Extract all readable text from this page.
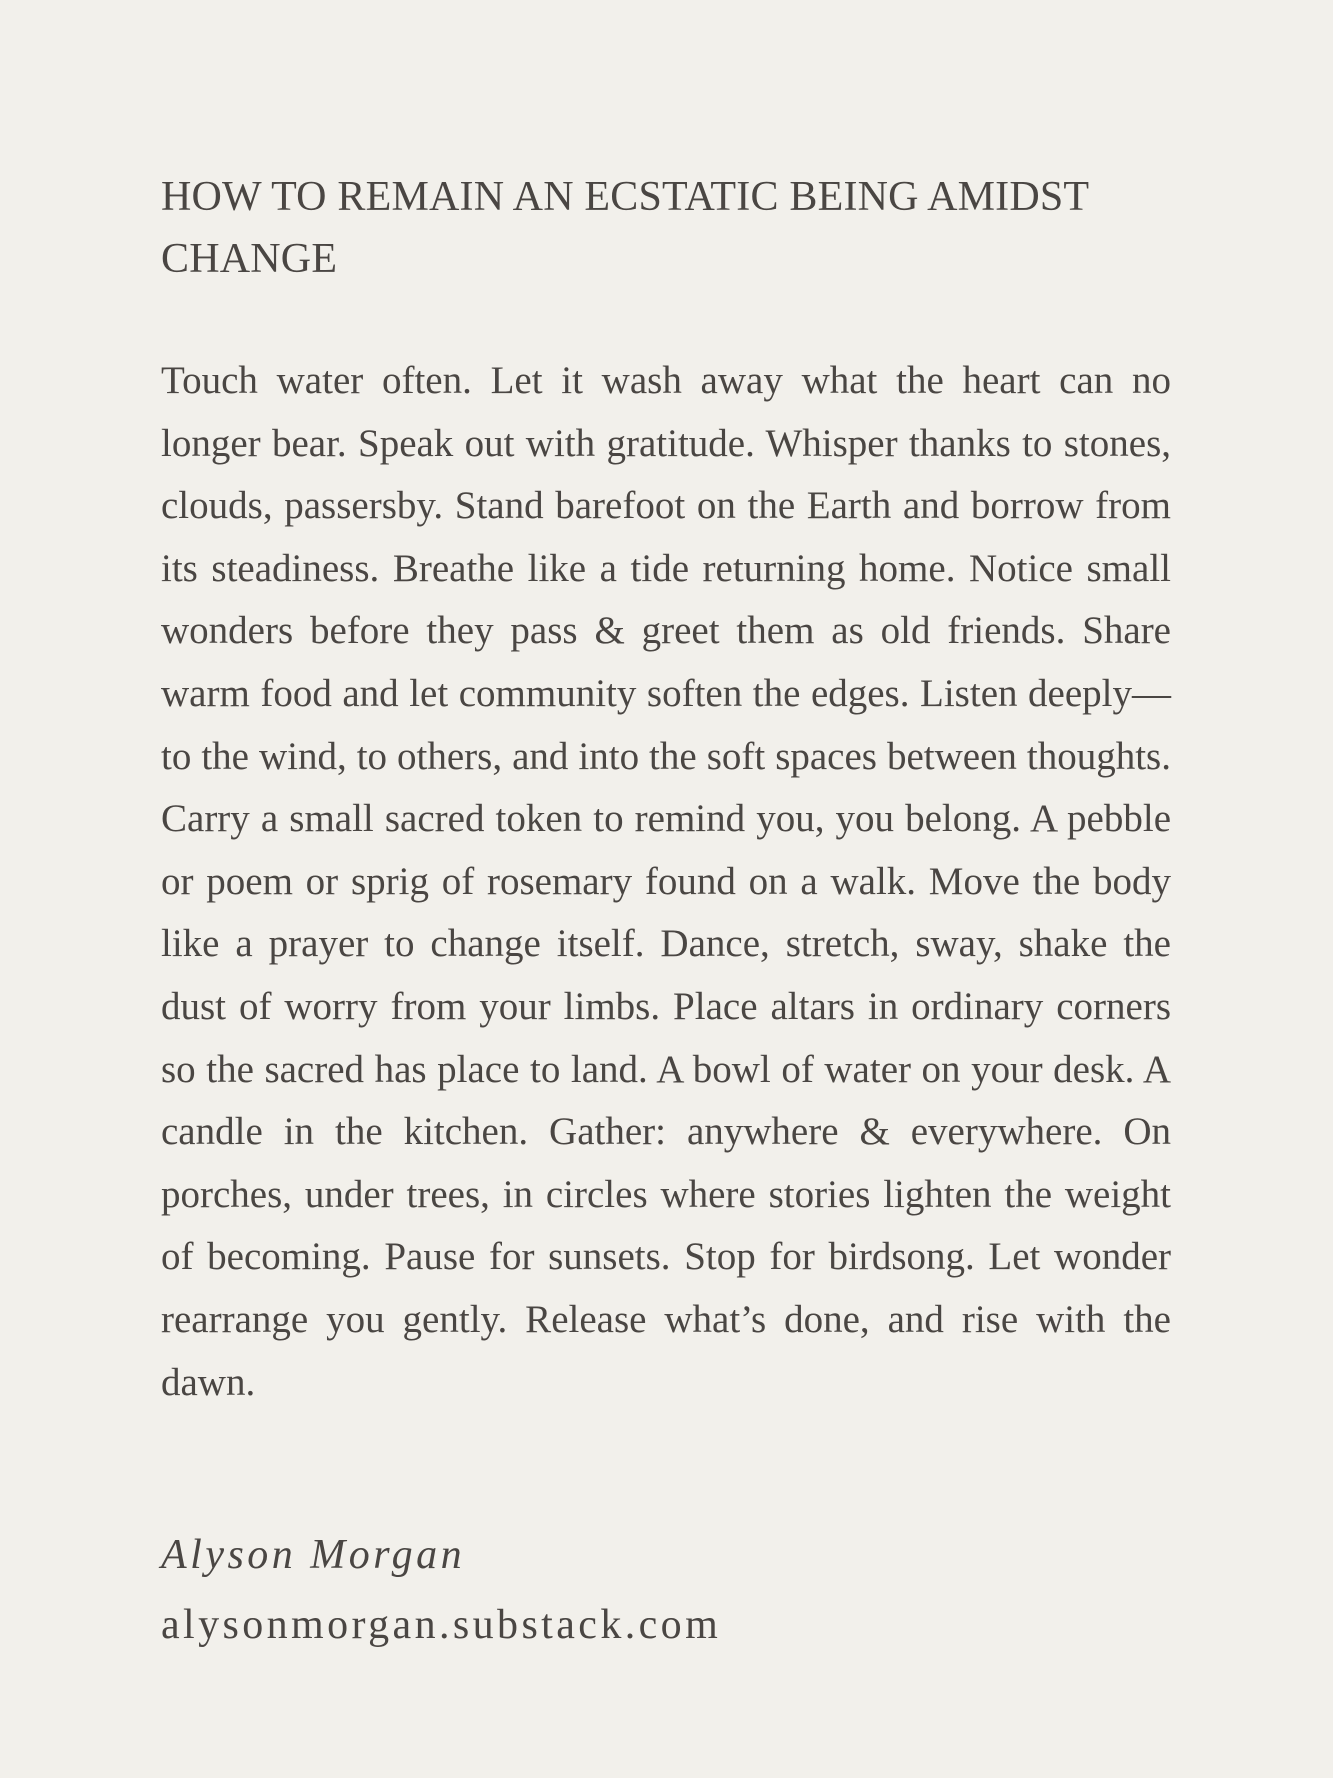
HOW TO REMAIN AN ECSTATIC BEING AMIDST CHANGE

Touch water often. Let it wash away what the heart can no longer bear. Speak out with gratitude. Whisper thanks to stones, clouds, passersby. Stand barefoot on the Earth and borrow from its steadiness. Breathe like a tide returning home. Notice small wonders before they pass & greet them as old friends. Share warm food and let community soften the edges. Listen deeply—to the wind, to others, and into the soft spaces between thoughts. Carry a small sacred token to remind you, you belong. A pebble or poem or sprig of rosemary found on a walk. Move the body like a prayer to change itself. Dance, stretch, sway, shake the dust of worry from your limbs. Place altars in ordinary corners so the sacred has place to land. A bowl of water on your desk. A candle in the kitchen. Gather: anywhere & everywhere. On porches, under trees, in circles where stories lighten the weight of becoming. Pause for sunsets. Stop for birdsong. Let wonder rearrange you gently. Release what’s done, and rise with the dawn.

Alyson Morgan

alysonmorgan.substack.com
